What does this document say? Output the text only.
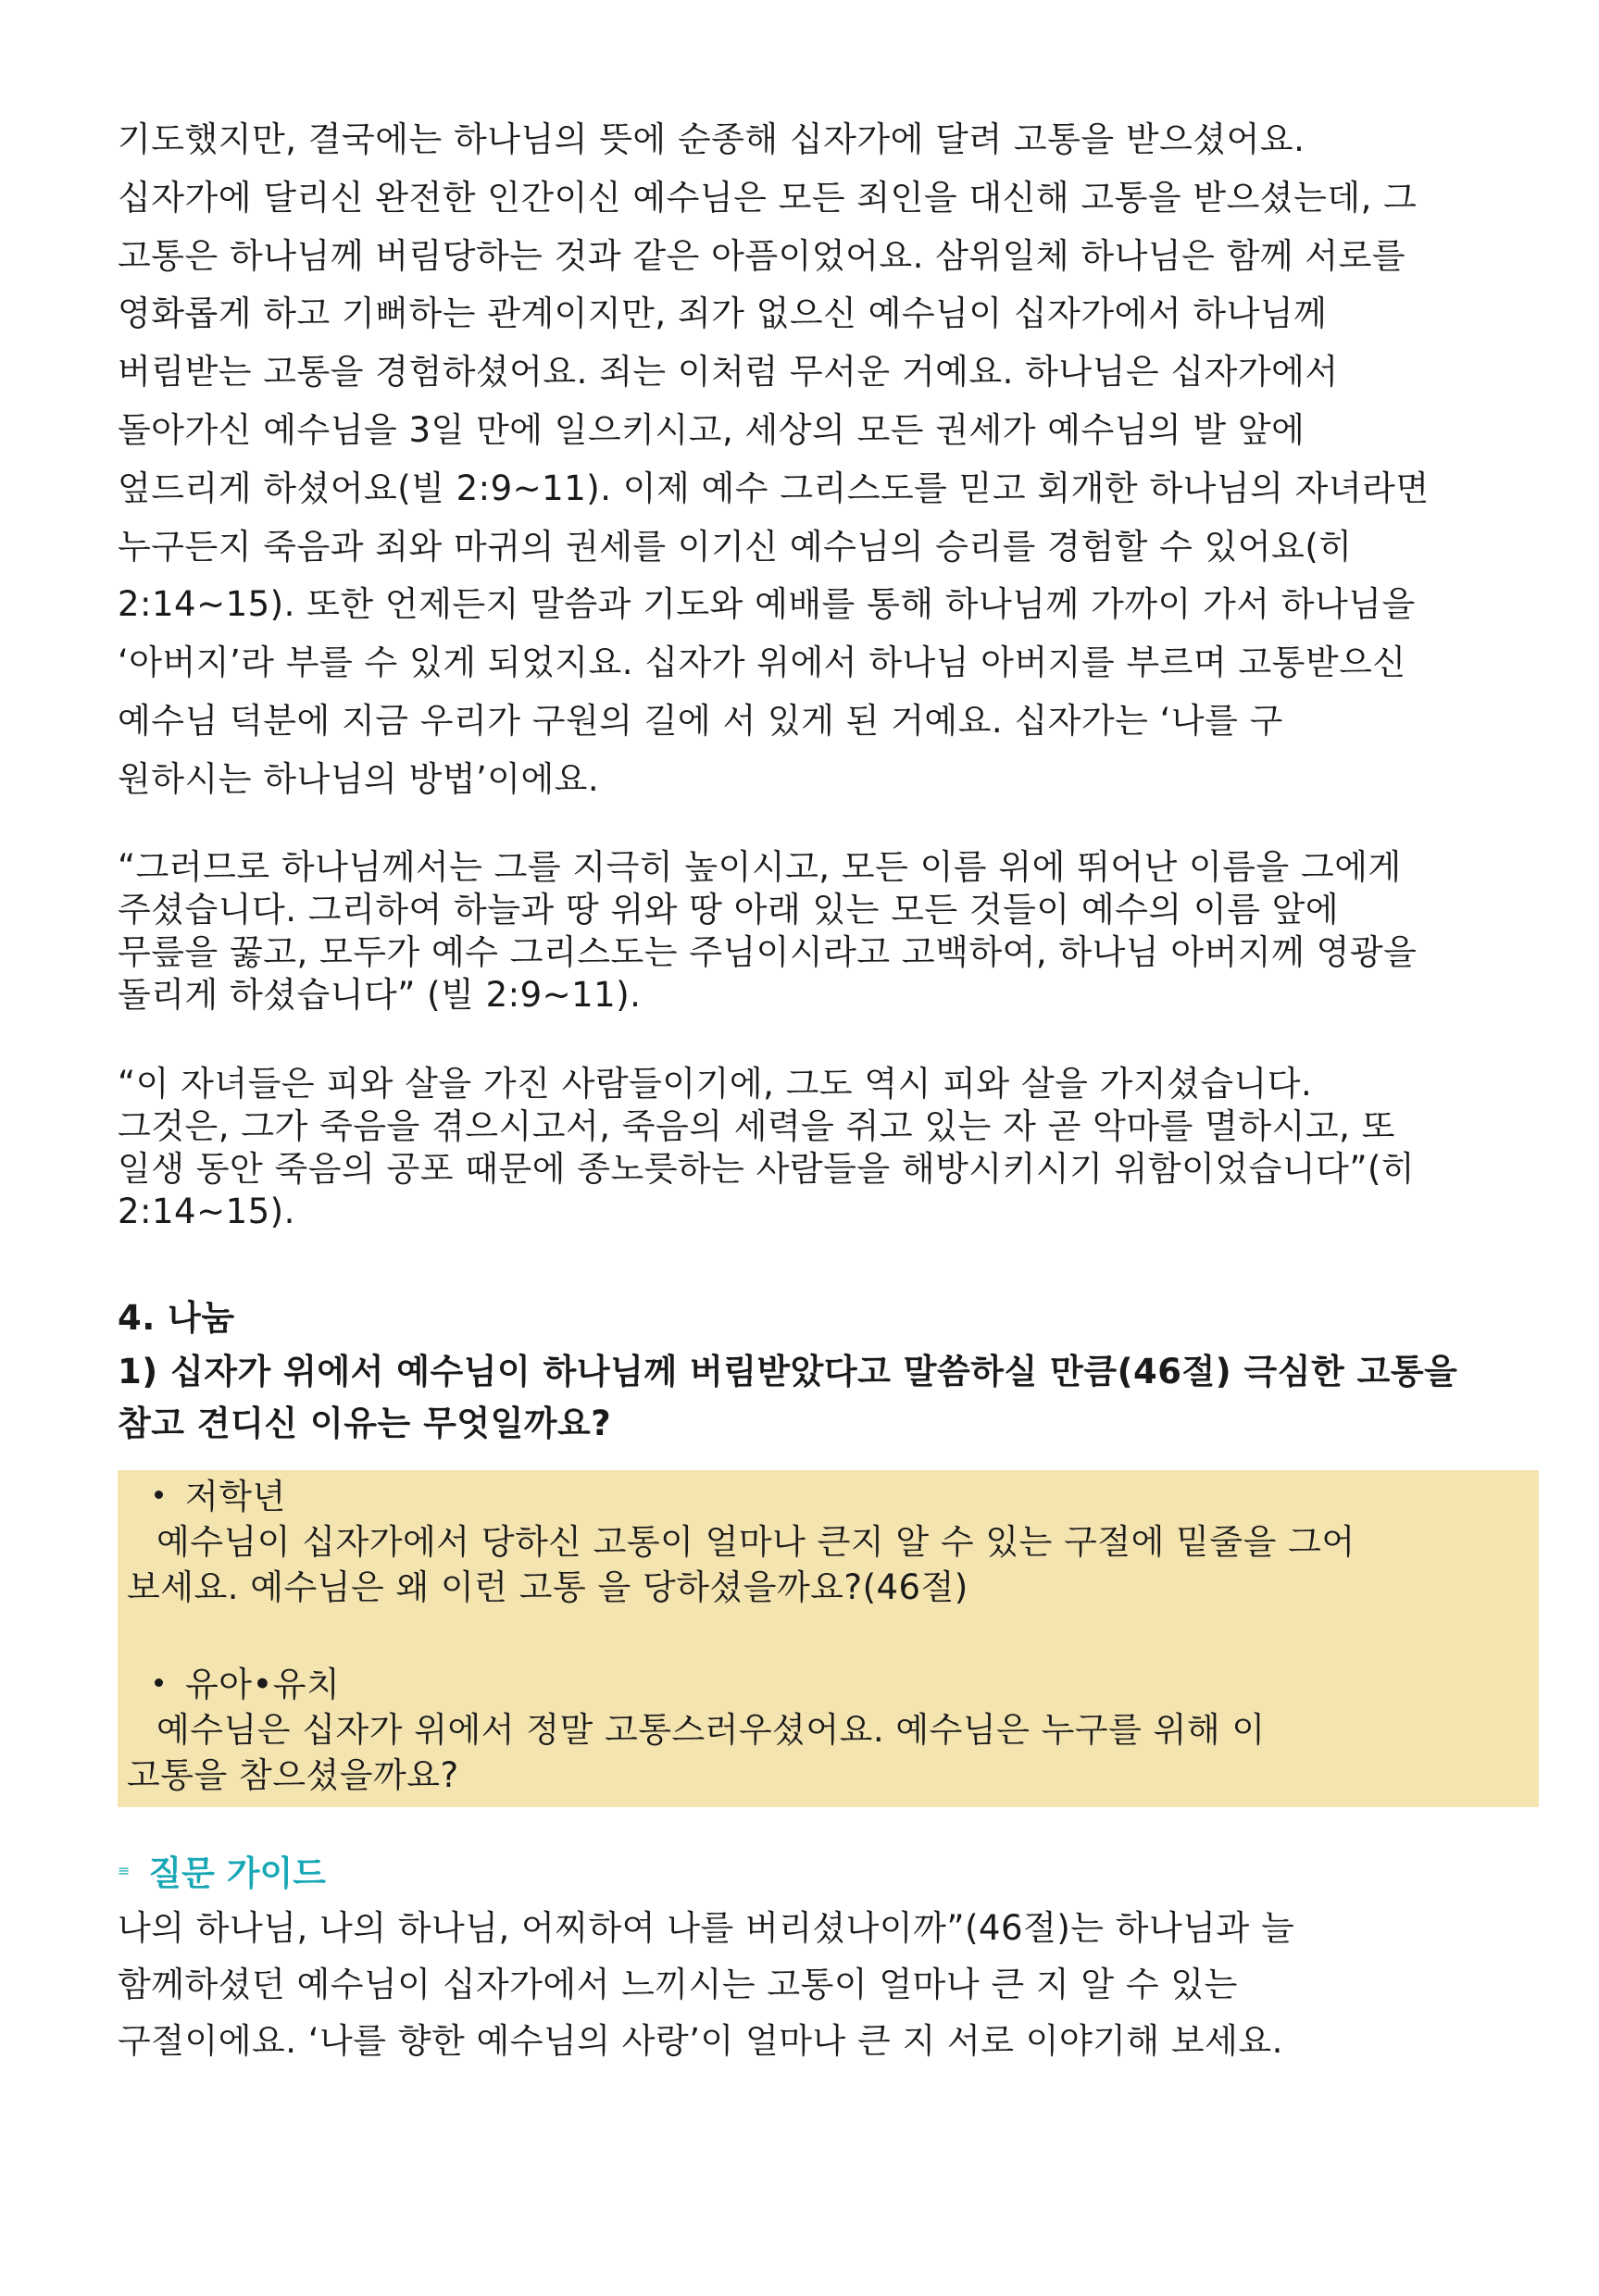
기도했지만, 결국에는 하나님의 뜻에 순종해 십자가에 달려 고통을 받으셨어요.
십자가에 달리신 완전한 인간이신 예수님은 모든 죄인을 대신해 고통을 받으셨는데, 그
고통은 하나님께 버림당하는 것과 같은 아픔이었어요. 삼위일체 하나님은 함께 서로를
영화롭게 하고 기뻐하는 관계이지만, 죄가 없으신 예수님이 십자가에서 하나님께
버림받는 고통을 경험하셨어요. 죄는 이처럼 무서운 거예요. 하나님은 십자가에서
돌아가신 예수님을 3일 만에 일으키시고, 세상의 모든 권세가 예수님의 발 앞에
엎드리게 하셨어요(빌 2:9~11). 이제 예수 그리스도를 믿고 회개한 하나님의 자녀라면
누구든지 죽음과 죄와 마귀의 권세를 이기신 예수님의 승리를 경험할 수 있어요(히
2:14~15). 또한 언제든지 말씀과 기도와 예배를 통해 하나님께 가까이 가서 하나님을
‘아버지’라 부를 수 있게 되었지요. 십자가 위에서 하나님 아버지를 부르며 고통받으신
예수님 덕분에 지금 우리가 구원의 길에 서 있게 된 거예요. 십자가는 ‘나를 구
원하시는 하나님의 방법’이에요.
“그러므로 하나님께서는 그를 지극히 높이시고, 모든 이름 위에 뛰어난 이름을 그에게
주셨습니다. 그리하여 하늘과 땅 위와 땅 아래 있는 모든 것들이 예수의 이름 앞에
무릎을 꿇고, 모두가 예수 그리스도는 주님이시라고 고백하여, 하나님 아버지께 영광을
돌리게 하셨습니다” (빌 2:9~11).
“이 자녀들은 피와 살을 가진 사람들이기에, 그도 역시 피와 살을 가지셨습니다.
그것은, 그가 죽음을 겪으시고서, 죽음의 세력을 쥐고 있는 자 곧 악마를 멸하시고, 또
일생 동안 죽음의 공포 때문에 종노릇하는 사람들을 해방시키시기 위함이었습니다”(히
2:14~15).
4. 나눔
1) 십자가 위에서 예수님이 하나님께 버림받았다고 말씀하실 만큼(46절) 극심한 고통을
참고 견디신 이유는 무엇일까요?
저학년
예수님이 십자가에서 당하신 고통이 얼마나 큰지 알 수 있는 구절에 밑줄을 그어
보세요. 예수님은 왜 이런 고통 을 당하셨을까요?(46절)
유아•유치
예수님은 십자가 위에서 정말 고통스러우셨어요. 예수님은 누구를 위해 이
고통을 참으셨을까요?
≡ 질문 가이드
나의 하나님, 나의 하나님, 어찌하여 나를 버리셨나이까”(46절)는 하나님과 늘
함께하셨던 예수님이 십자가에서 느끼시는 고통이 얼마나 큰 지 알 수 있는
구절이에요. ‘나를 향한 예수님의 사랑’이 얼마나 큰 지 서로 이야기해 보세요.
